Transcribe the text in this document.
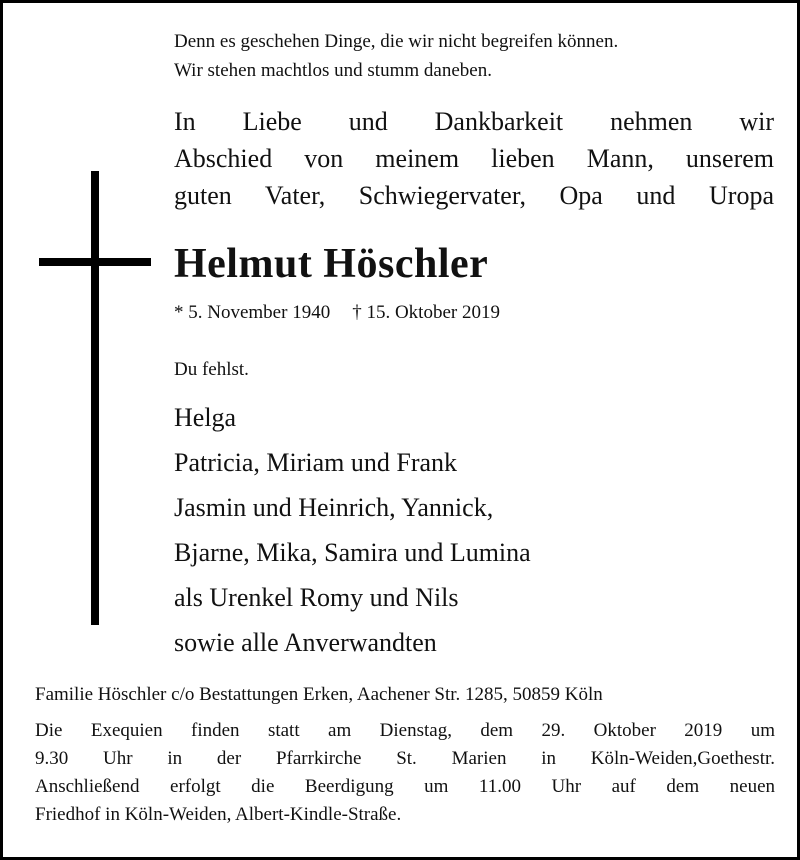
Denn es geschehen Dinge, die wir nicht begreifen können.
Wir stehen machtlos und stumm daneben.
In Liebe und Dankbarkeit nehmen wir
Abschied von meinem lieben Mann, unserem
guten Vater, Schwiegervater, Opa und Uropa
Helmut Höschler
* 5. November 1940 † 15. Oktober 2019
Du fehlst.
Helga
Patricia, Miriam und Frank
Jasmin und Heinrich, Yannick,
Bjarne, Mika, Samira und Lumina
als Urenkel Romy und Nils
sowie alle Anverwandten
Familie Höschler c/o Bestattungen Erken, Aachener Str. 1285, 50859 Köln
Die Exequien finden statt am Dienstag, dem 29. Oktober 2019 um
9.30 Uhr in der Pfarrkirche St. Marien in Köln-Weiden,Goethestr.
Anschließend erfolgt die Beerdigung um 11.00 Uhr auf dem neuen
Friedhof in Köln-Weiden, Albert-Kindle-Straße.
